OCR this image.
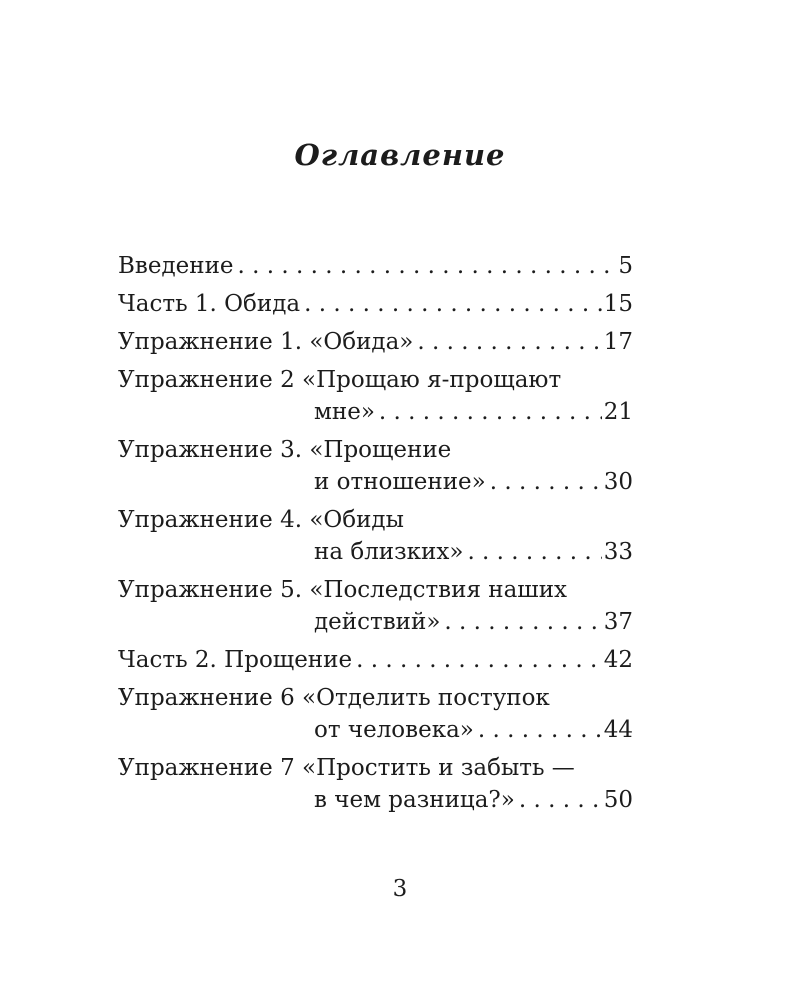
Оглавление
Введение . . .	5
Часть 1. Обида . . .	15
Упражнение 1. «Обида» . . .	17
Упражнение 2 «Прощаю я-прощают
мне» . . .	21
Упражнение 3. «Прощение
и отношение» . . .	30
Упражнение 4. «Обиды
на близких» . . .	33
Упражнение 5. «Последствия наших
действий» . . .	37
Часть 2. Прощение . . .	42
Упражнение 6 «Отделить поступок
от человека» . . .	44
Упражнение 7 «Простить и забыть —
в чем разница?» . . .	50
3
